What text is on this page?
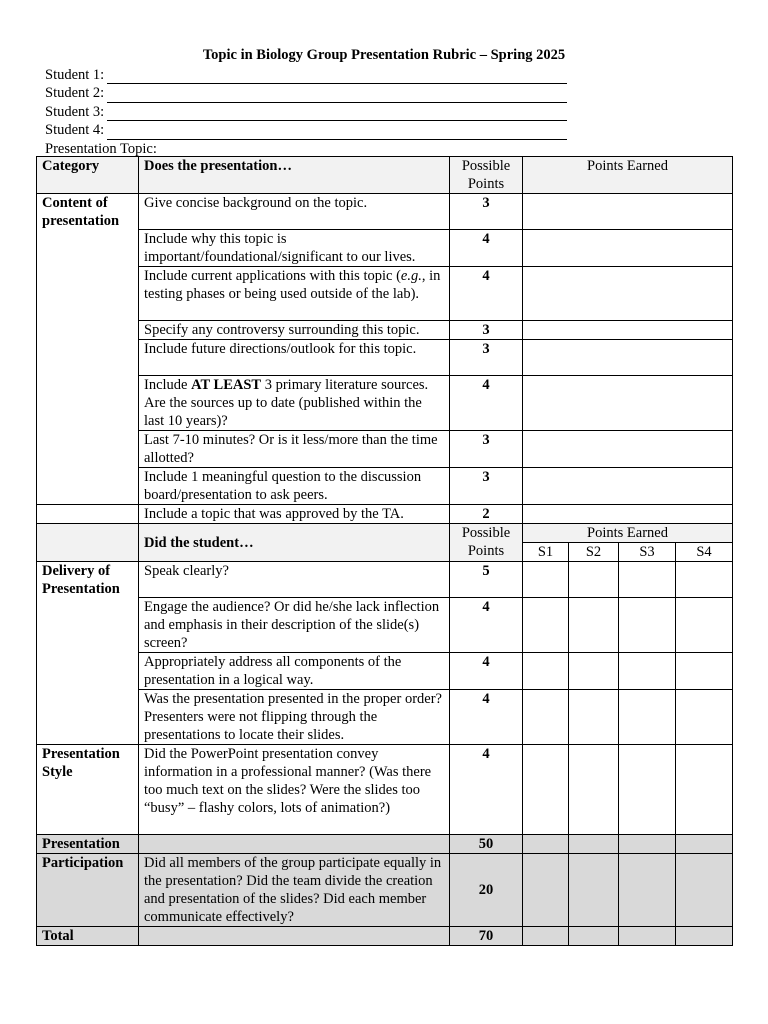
Topic in Biology Group Presentation Rubric – Spring 2025
Student 1:
Student 2:
Student 3:
Student 4:
Presentation Topic:
Category	Does the presentation…	Possible Points	Points Earned			
Content of presentation	Give concise background on the topic.	3				
	Include why this topic is important/foundational/significant to our lives.	4				
	Include current applications with this topic (e.g., in testing phases or being used outside of the lab).	4				
	Specify any controversy surrounding this topic.	3				
	Include future directions/outlook for this topic.	3				
	Include AT LEAST 3 primary literature sources. Are the sources up to date (published within the last 10 years)?	4				
	Last 7-10 minutes? Or is it less/more than the time allotted?	3				
	Include 1 meaningful question to the discussion board/presentation to ask peers.	3				
	Include a topic that was approved by the TA.	2				
	Did the student…	Possible Points	Points Earned			
			S1	S2	S3	S4
Delivery of Presentation	Speak clearly?	5				
	Engage the audience? Or did he/she lack inflection and emphasis in their description of the slide(s) screen?	4				
	Appropriately address all components of the presentation in a logical way.	4				
	Was the presentation presented in the proper order? Presenters were not flipping through the presentations to locate their slides.	4				
Presentation Style	Did the PowerPoint presentation convey information in a professional manner? (Was there too much text on the slides? Were the slides too “busy” – flashy colors, lots of animation?)	4				
Presentation		50				
Participation	Did all members of the group participate equally in the presentation? Did the team divide the creation and presentation of the slides? Did each member communicate effectively?	20				
Total		70				
